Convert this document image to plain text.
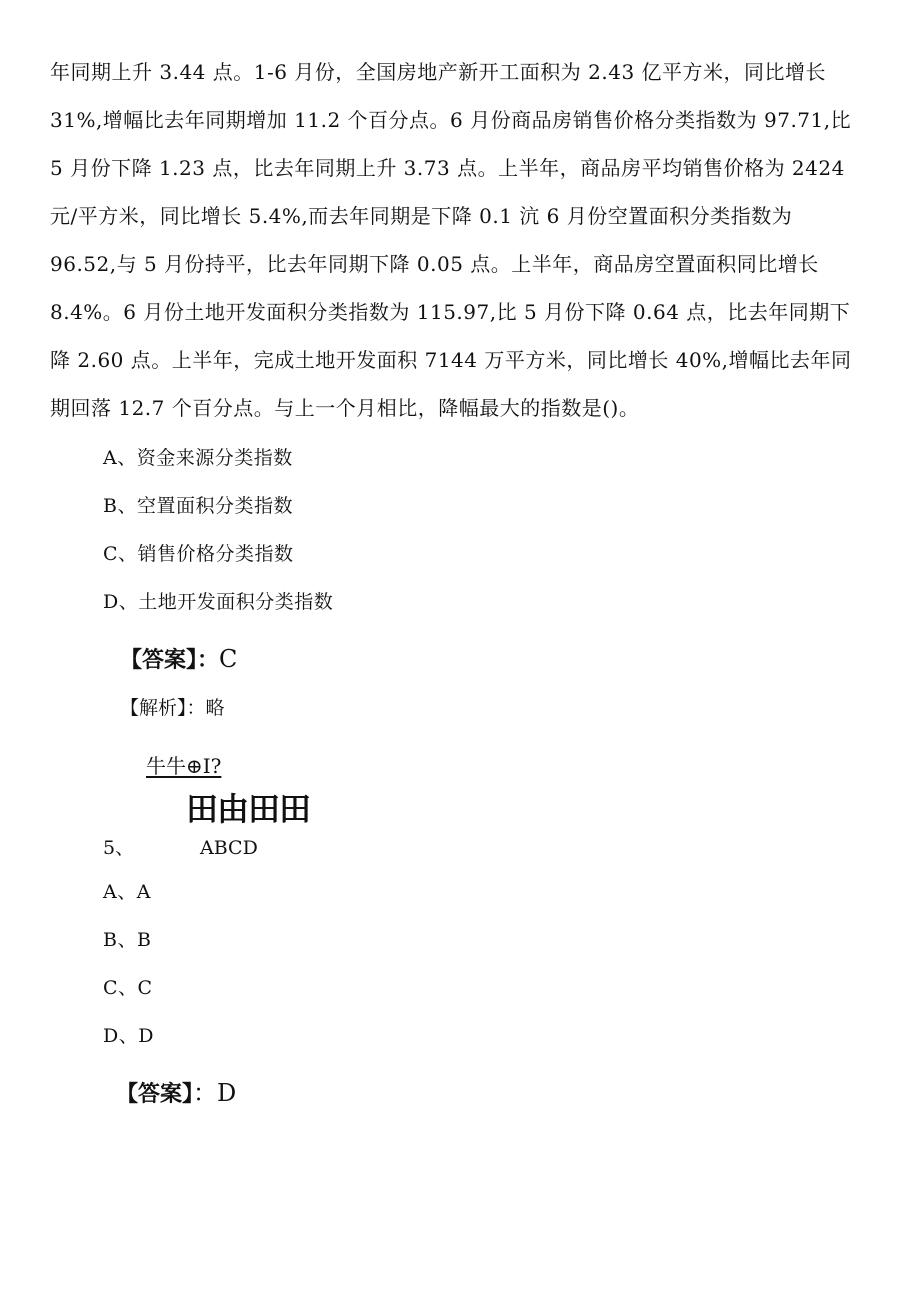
年同期上升 3.44 点。1-6 月份，全国房地产新开工面积为 2.43 亿平方米，同比增长
31%,增幅比去年同期增加 11.2 个百分点。6 月份商品房销售价格分类指数为 97.71,比
5 月份下降 1.23 点，比去年同期上升 3.73 点。上半年，商品房平均销售价格为 2424
元/平方米，同比增长 5.4%,而去年同期是下降 0.1 沆 6 月份空置面积分类指数为
96.52,与 5 月份持平，比去年同期下降 0.05 点。上半年，商品房空置面积同比增长
8.4%。6 月份土地开发面积分类指数为 115.97,比 5 月份下降 0.64 点，比去年同期下
降 2.60 点。上半年，完成土地开发面积 7144 万平方米，同比增长 40%,增幅比去年同
期回落 12.7 个百分点。与上一个月相比，降幅最大的指数是()。
A、资金来源分类指数
B、空置面积分类指数
C、销售价格分类指数
D、土地开发面积分类指数
【答案】：C
【解析】：略
牛牛⊕I?
田由田田
5、	ABCD
A、A
B、B
C、C
D、D
【答案】：D
